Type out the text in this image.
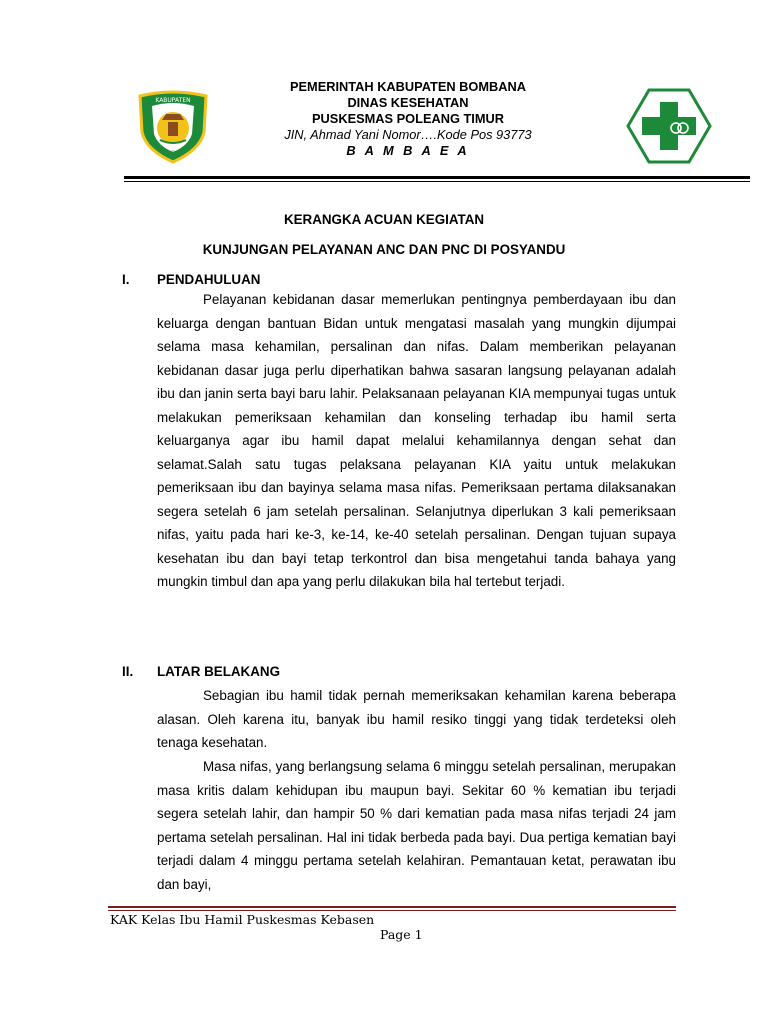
KABUPATEN
BOMBANA
PEMERINTAH KABUPATEN BOMBANA
DINAS KESEHATAN
PUSKESMAS POLEANG TIMUR
JIN, Ahmad Yani Nomor….Kode Pos 93773
B A M B A E A
KERANGKA ACUAN KEGIATAN
KUNJUNGAN PELAYANAN ANC DAN PNC DI POSYANDU
I. PENDAHULUAN

Pelayanan kebidanan dasar memerlukan pentingnya pemberdayaan ibu dan keluarga dengan bantuan Bidan untuk mengatasi masalah yang mungkin dijumpai selama masa kehamilan, persalinan dan nifas. Dalam memberikan pelayanan kebidanan dasar juga perlu diperhatikan bahwa sasaran langsung pelayanan adalah ibu dan janin serta bayi baru lahir. Pelaksanaan pelayanan KIA mempunyai tugas untuk melakukan pemeriksaan kehamilan dan konseling terhadap ibu hamil serta keluarganya agar ibu hamil dapat melalui kehamilannya dengan sehat dan selamat.Salah satu tugas pelaksana pelayanan KIA yaitu untuk melakukan pemeriksaan ibu dan bayinya selama masa nifas. Pemeriksaan pertama dilaksanakan segera setelah 6 jam setelah persalinan. Selanjutnya diperlukan 3 kali pemeriksaan nifas, yaitu pada hari ke-3, ke-14, ke-40 setelah persalinan. Dengan tujuan supaya kesehatan ibu dan bayi tetap terkontrol dan bisa mengetahui tanda bahaya yang mungkin timbul dan apa yang perlu dilakukan bila hal tertebut terjadi.

II. LATAR BELAKANG

Sebagian ibu hamil tidak pernah memeriksakan kehamilan karena beberapa alasan. Oleh karena itu, banyak ibu hamil resiko tinggi yang tidak terdeteksi oleh tenaga kesehatan.

Masa nifas, yang berlangsung selama 6 minggu setelah persalinan, merupakan masa kritis dalam kehidupan ibu maupun bayi. Sekitar 60 % kematian ibu terjadi segera setelah lahir, dan hampir 50 % dari kematian pada masa nifas terjadi 24 jam pertama setelah persalinan. Hal ini tidak berbeda pada bayi. Dua pertiga kematian bayi terjadi dalam 4 minggu pertama setelah kelahiran. Pemantauan ketat, perawatan ibu dan bayi,

KAK Kelas Ibu Hamil Puskesmas Kebasen
Page 1
